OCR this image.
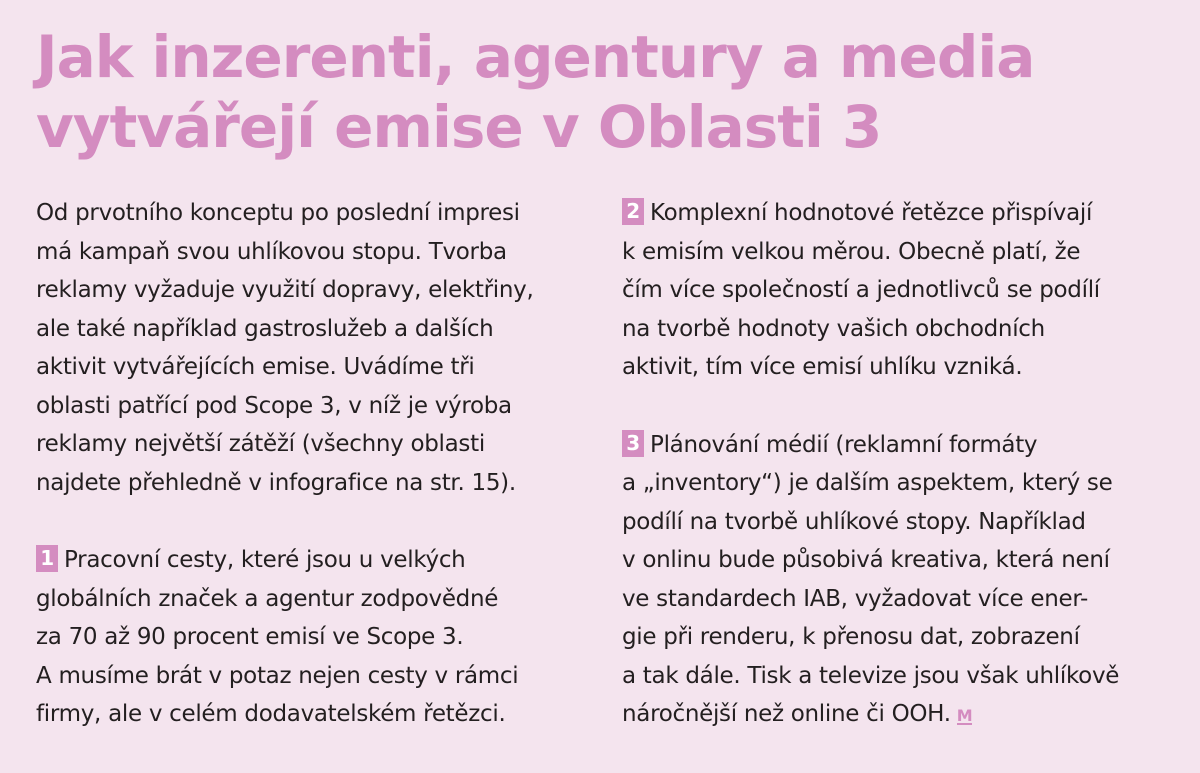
Jak inzerenti, agentury a media vytvářejí emise v Oblasti 3

Od prvotního konceptu po poslední impresi
má kampaň svou uhlíkovou stopu. Tvorba
reklamy vyžaduje využití dopravy, elektřiny,
ale také například gastroslužeb a dalších
aktivit vytvářejících emise. Uvádíme tři
oblasti patřící pod Scope 3, v níž je výroba
reklamy největší zátěží (všechny oblasti
najdete přehledně v infografice na str. 15).

1 Pracovní cesty, které jsou u velkých
globálních značek a agentur zodpovědné
za 70 až 90 procent emisí ve Scope 3.
A musíme brát v potaz nejen cesty v rámci
firmy, ale v celém dodavatelském řetězci.

2 Komplexní hodnotové řetězce přispívají
k emisím velkou měrou. Obecně platí, že
čím více společností a jednotlivců se podílí
na tvorbě hodnoty vašich obchodních
aktivit, tím více emisí uhlíku vzniká.

3 Plánování médií (reklamní formáty
a „inventory“) je dalším aspektem, který se
podílí na tvorbě uhlíkové stopy. Například
v onlinu bude působivá kreativa, která není
ve standardech IAB, vyžadovat více ener-
gie při renderu, k přenosu dat, zobrazení
a tak dále. Tisk a televize jsou však uhlíkově
náročnější než online či OOH. M
